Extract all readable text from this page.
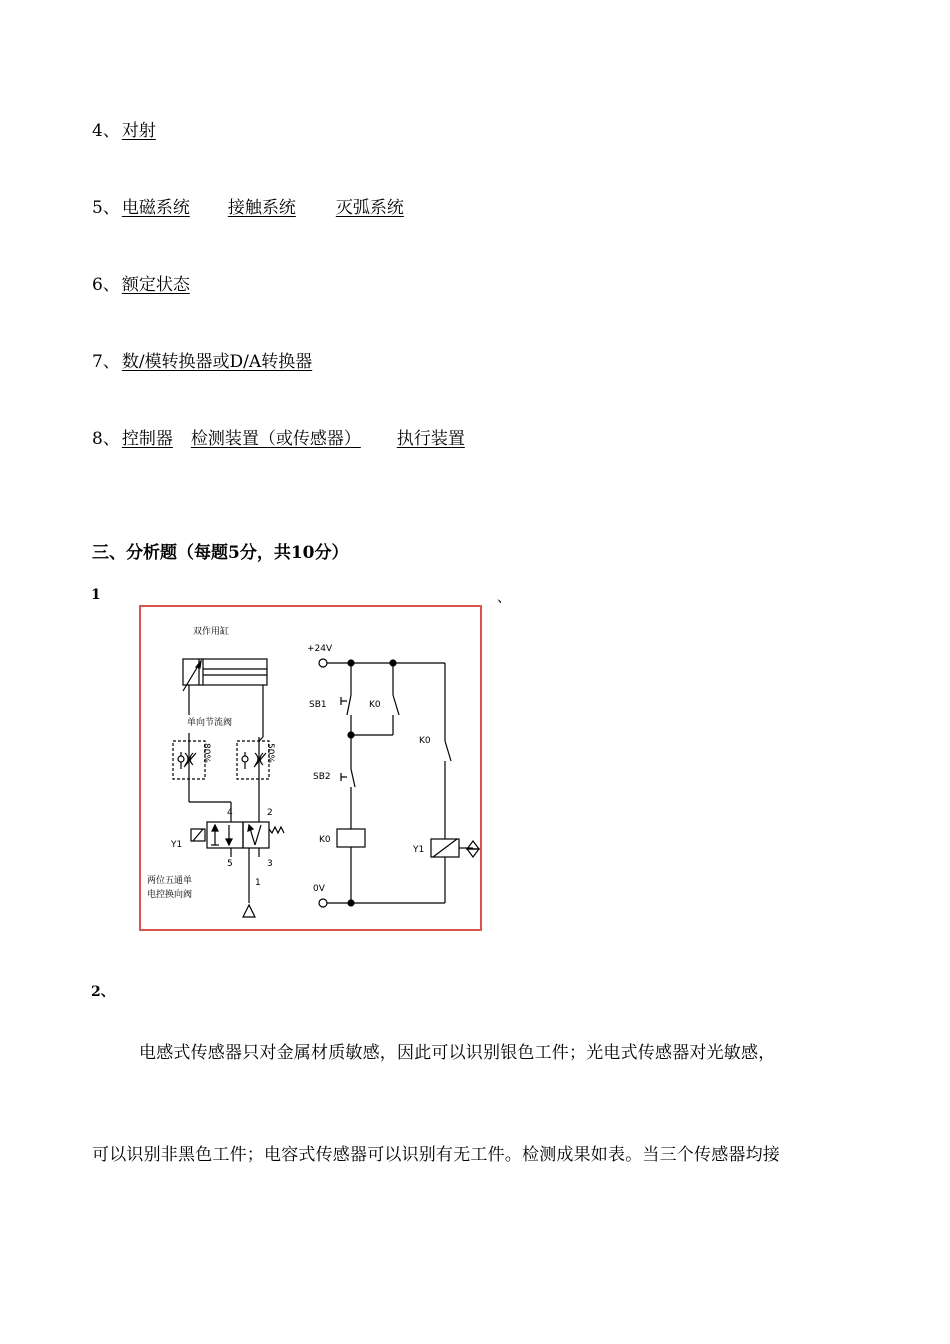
4、 对射
5、 电磁系统 接触系统 灭弧系统
6、 额定状态
7、 数/模转换器或D/A转换器
8、 控制器 检测装置（或传感器） 执行装置
三、分析题（每题5分，共10分）
1	、
双作用缸
单向节流阀
80%	50%
4	2
Y1
5	3
1
两位五通单
电控换向阀
+24V
SB1	K0
SB2
K0
K0
Y1
0V
2、
电感式传感器只对金属材质敏感，因此可以识别银色工件；光电式传感器对光敏感，
可以识别非黑色工件；电容式传感器可以识别有无工件。检测成果如表。当三个传感器均接
